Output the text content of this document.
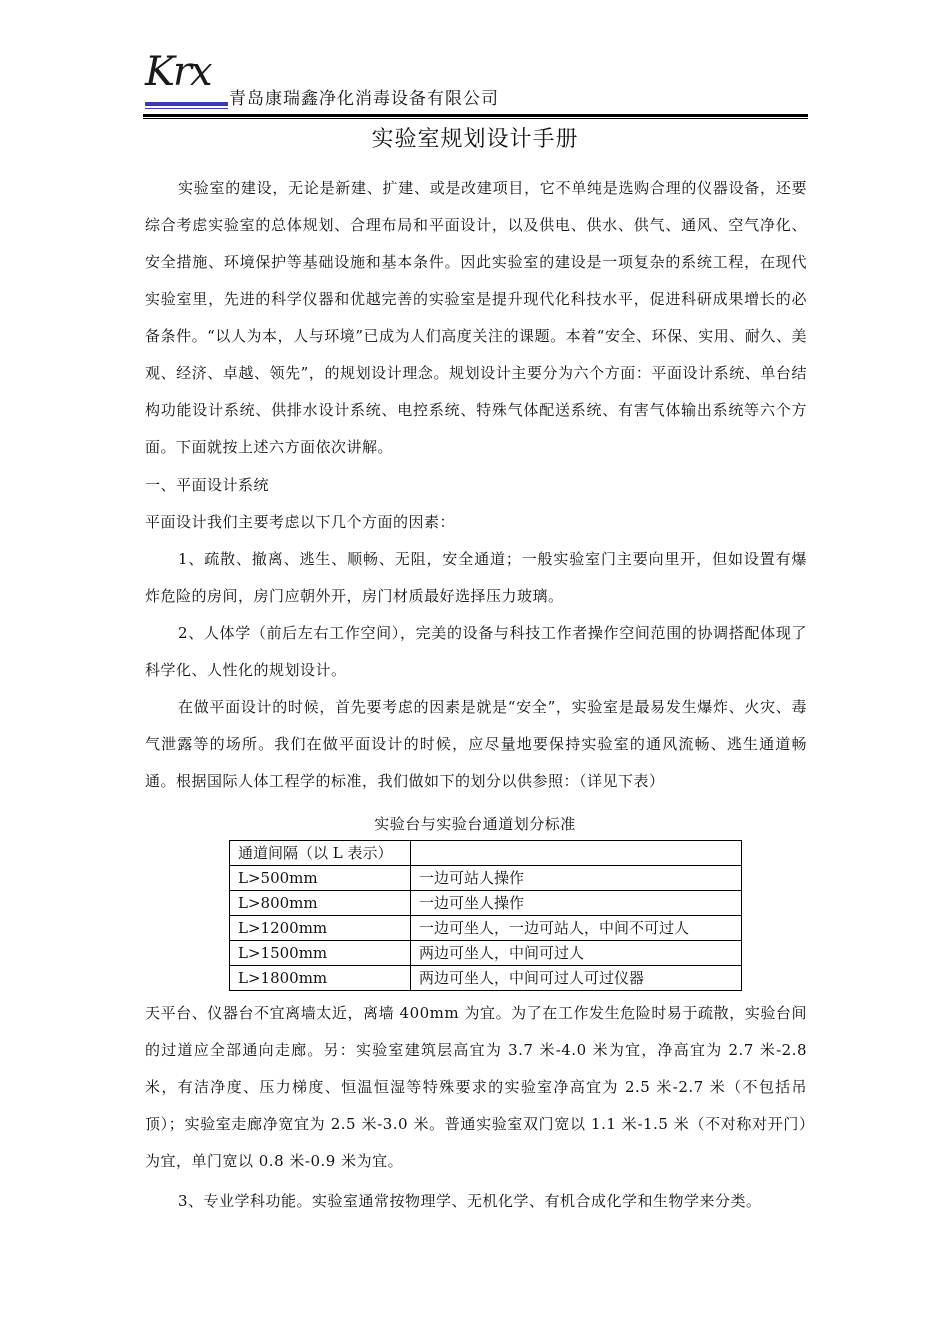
Krx
青岛康瑞鑫净化消毒设备有限公司
实验室规划设计手册

实验室的建设，无论是新建、扩建、或是改建项目，它不单纯是选购合理的仪器设备，还要综合考虑实验室的总体规划、合理布局和平面设计，以及供电、供水、供气、通风、空气净化、安全措施、环境保护等基础设施和基本条件。因此实验室的建设是一项复杂的系统工程，在现代实验室里，先进的科学仪器和优越完善的实验室是提升现代化科技水平，促进科研成果增长的必备条件。“以人为本，人与环境”已成为人们高度关注的课题。本着“安全、环保、实用、耐久、美观、经济、卓越、领先”，的规划设计理念。规划设计主要分为六个方面：平面设计系统、单台结构功能设计系统、供排水设计系统、电控系统、特殊气体配送系统、有害气体输出系统等六个方面。下面就按上述六方面依次讲解。

一、平面设计系统

平面设计我们主要考虑以下几个方面的因素：

1、疏散、撤离、逃生、顺畅、无阻，安全通道；一般实验室门主要向里开，但如设置有爆炸危险的房间，房门应朝外开，房门材质最好选择压力玻璃。

2、人体学（前后左右工作空间），完美的设备与科技工作者操作空间范围的协调搭配体现了科学化、人性化的规划设计。

在做平面设计的时候，首先要考虑的因素是就是“安全”，实验室是最易发生爆炸、火灾、毒气泄露等的场所。我们在做平面设计的时候，应尽量地要保持实验室的通风流畅、逃生通道畅通。根据国际人体工程学的标准，我们做如下的划分以供参照：（详见下表）

实验台与实验台通道划分标准
通道间隔（以 L 表示）	
L>500mm	一边可站人操作
L>800mm	一边可坐人操作
L>1200mm	一边可坐人，一边可站人，中间不可过人
L>1500mm	两边可坐人，中间可过人
L>1800mm	两边可坐人，中间可过人可过仪器

天平台、仪器台不宜离墙太近，离墙 400mm 为宜。为了在工作发生危险时易于疏散，实验台间的过道应全部通向走廊。另：实验室建筑层高宜为 3.7 米-4.0 米为宜，净高宜为 2.7 米-2.8 米，有洁净度、压力梯度、恒温恒湿等特殊要求的实验室净高宜为 2.5 米-2.7 米（不包括吊顶）；实验室走廊净宽宜为 2.5 米-3.0 米。普通实验室双门宽以 1.1 米-1.5 米（不对称对开门）为宜，单门宽以 0.8 米-0.9 米为宜。

3、专业学科功能。实验室通常按物理学、无机化学、有机合成化学和生物学来分类。
